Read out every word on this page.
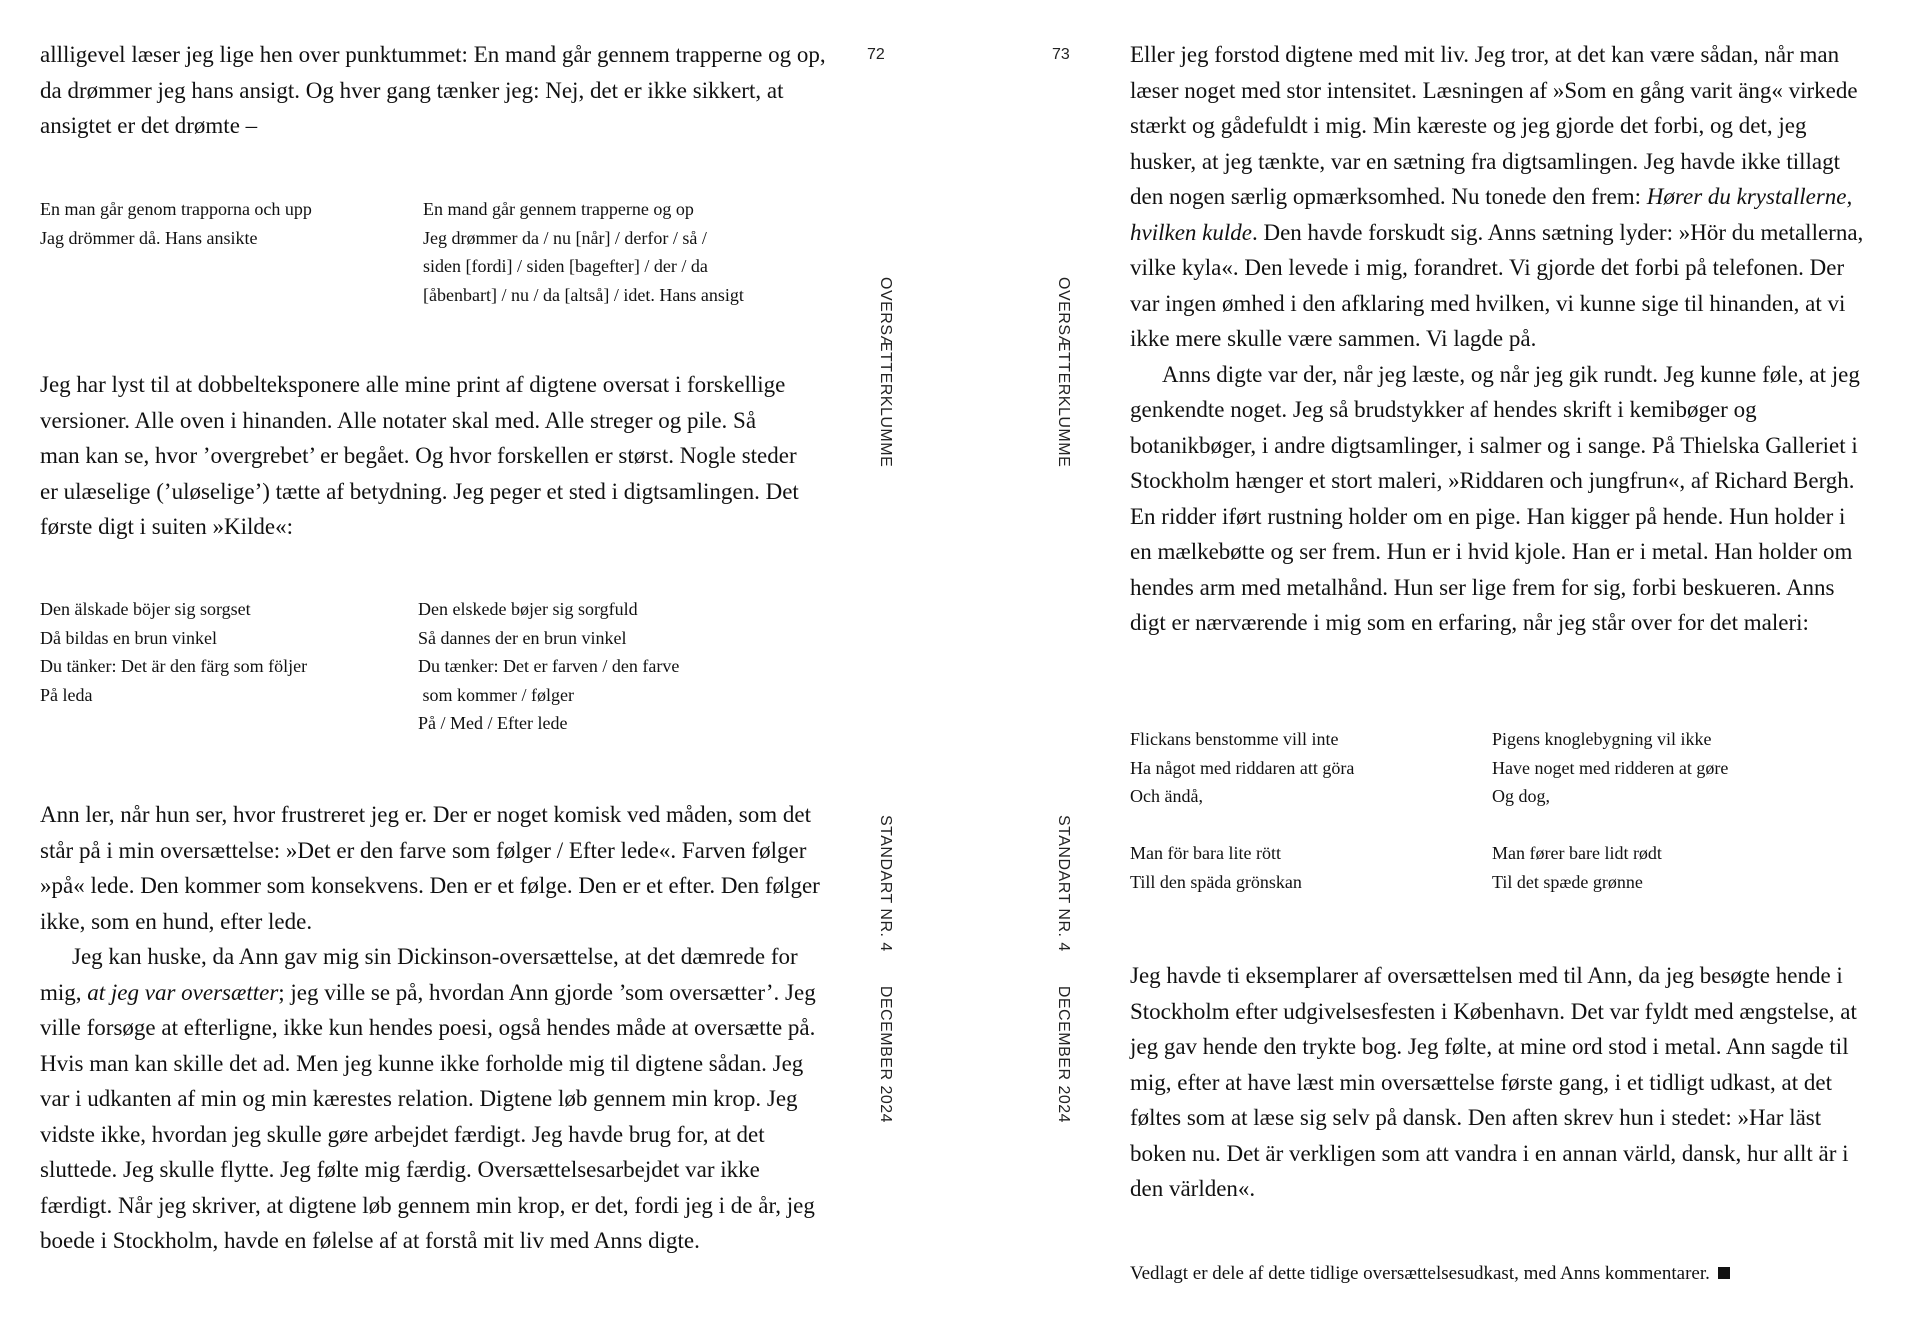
allligevel læser jeg lige hen over punktummet: En mand går gennem trapperne og op, da drømmer jeg hans ansigt. Og hver gang tænker jeg: Nej, det er ikke sikkert, at ansigtet er det drømte –

En man går genom trapporna och upp
Jag drömmer då. Hans ansikte
En mand går gennem trapperne og op
Jeg drømmer da / nu [når] / derfor / så /
siden [fordi] / siden [bagefter] / der / da
[åbenbart] / nu / da [altså] / idet. Hans ansigt

Jeg har lyst til at dobbelteksponere alle mine print af digtene oversat i forskellige versioner. Alle oven i hinanden. Alle notater skal med. Alle streger og pile. Så man kan se, hvor ’overgrebet’ er begået. Og hvor forskellen er størst. Nogle steder er ulæselige (’uløselige’) tætte af betydning. Jeg peger et sted i digtsamlingen. Det første digt i suiten »Kilde«:

Den älskade böjer sig sorgset
Då bildas en brun vinkel
Du tänker: Det är den färg som följer
På leda
Den elskede bøjer sig sorgfuld
Så dannes der en brun vinkel
Du tænker: Det er farven / den farve
som kommer / følger
På / Med / Efter lede

Ann ler, når hun ser, hvor frustreret jeg er. Der er noget komisk ved måden, som det står på i min oversættelse: »Det er den farve som følger / Efter lede«. Farven følger »på« lede. Den kommer som konsekvens. Den er et følge. Den er et efter. Den følger ikke, som en hund, efter lede.

Jeg kan huske, da Ann gav mig sin Dickinson-oversættelse, at det dæmrede for mig, at jeg var oversætter; jeg ville se på, hvordan Ann gjorde ’som oversætter’. Jeg ville forsøge at efterligne, ikke kun hendes poesi, også hendes måde at oversætte på. Hvis man kan skille det ad. Men jeg kunne ikke forholde mig til digtene sådan. Jeg var i udkanten af min og min kærestes relation. Digtene løb gennem min krop. Jeg vidste ikke, hvordan jeg skulle gøre arbejdet færdigt. Jeg havde brug for, at det sluttede. Jeg skulle flytte. Jeg følte mig færdig. Oversættelsesarbejdet var ikke færdigt. Når jeg skriver, at digtene løb gennem min krop, er det, fordi jeg i de år, jeg boede i Stockholm, havde en følelse af at forstå mit liv med Anns digte.

72
OVERSÆTTERKLUMME
STANDART NR. 4DECEMBER 2024
73
OVERSÆTTERKLUMME
STANDART NR. 4DECEMBER 2024

Eller jeg forstod digtene med mit liv. Jeg tror, at det kan være sådan, når man læser noget med stor intensitet. Læsningen af »Som en gång varit äng« virkede stærkt og gådefuldt i mig. Min kæreste og jeg gjorde det forbi, og det, jeg husker, at jeg tænkte, var en sætning fra digtsamlingen. Jeg havde ikke tillagt den nogen særlig opmærksomhed. Nu tonede den frem: Hører du krystallerne, hvilken kulde. Den havde forskudt sig. Anns sætning lyder: »Hör du metallerna, vilke kyla«. Den levede i mig, forandret. Vi gjorde det forbi på telefonen. Der var ingen ømhed i den afklaring med hvilken, vi kunne sige til hinanden, at vi ikke mere skulle være sammen. Vi lagde på.

Anns digte var der, når jeg læste, og når jeg gik rundt. Jeg kunne føle, at jeg genkendte noget. Jeg så brudstykker af hendes skrift i kemibøger og botanikbøger, i andre digtsamlinger, i salmer og i sange. På Thielska Galleriet i Stockholm hænger et stort maleri, »Riddaren och jungfrun«, af Richard Bergh. En ridder iført rustning holder om en pige. Han kigger på hende. Hun holder i en mælkebøtte og ser frem. Hun er i hvid kjole. Han er i metal. Han holder om hendes arm med metalhånd. Hun ser lige frem for sig, forbi beskueren. Anns digt er nærværende i mig som en erfaring, når jeg står over for det maleri:

Flickans benstomme vill inte
Ha något med riddaren att göra
Och ändå,
Man för bara lite rött
Till den späda grönskan
Pigens knoglebygning vil ikke
Have noget med ridderen at gøre
Og dog,
Man fører bare lidt rødt
Til det spæde grønne

Jeg havde ti eksemplarer af oversættelsen med til Ann, da jeg besøgte hende i Stockholm efter udgivelsesfesten i København. Det var fyldt med ængstelse, at jeg gav hende den trykte bog. Jeg følte, at mine ord stod i metal. Ann sagde til mig, efter at have læst min oversættelse første gang, i et tidligt udkast, at det føltes som at læse sig selv på dansk. Den aften skrev hun i stedet: »Har läst boken nu. Det är verkligen som att vandra i en annan värld, dansk, hur allt är i den världen«.

Vedlagt er dele af dette tidlige oversættelsesudkast, med Anns kommentarer.
